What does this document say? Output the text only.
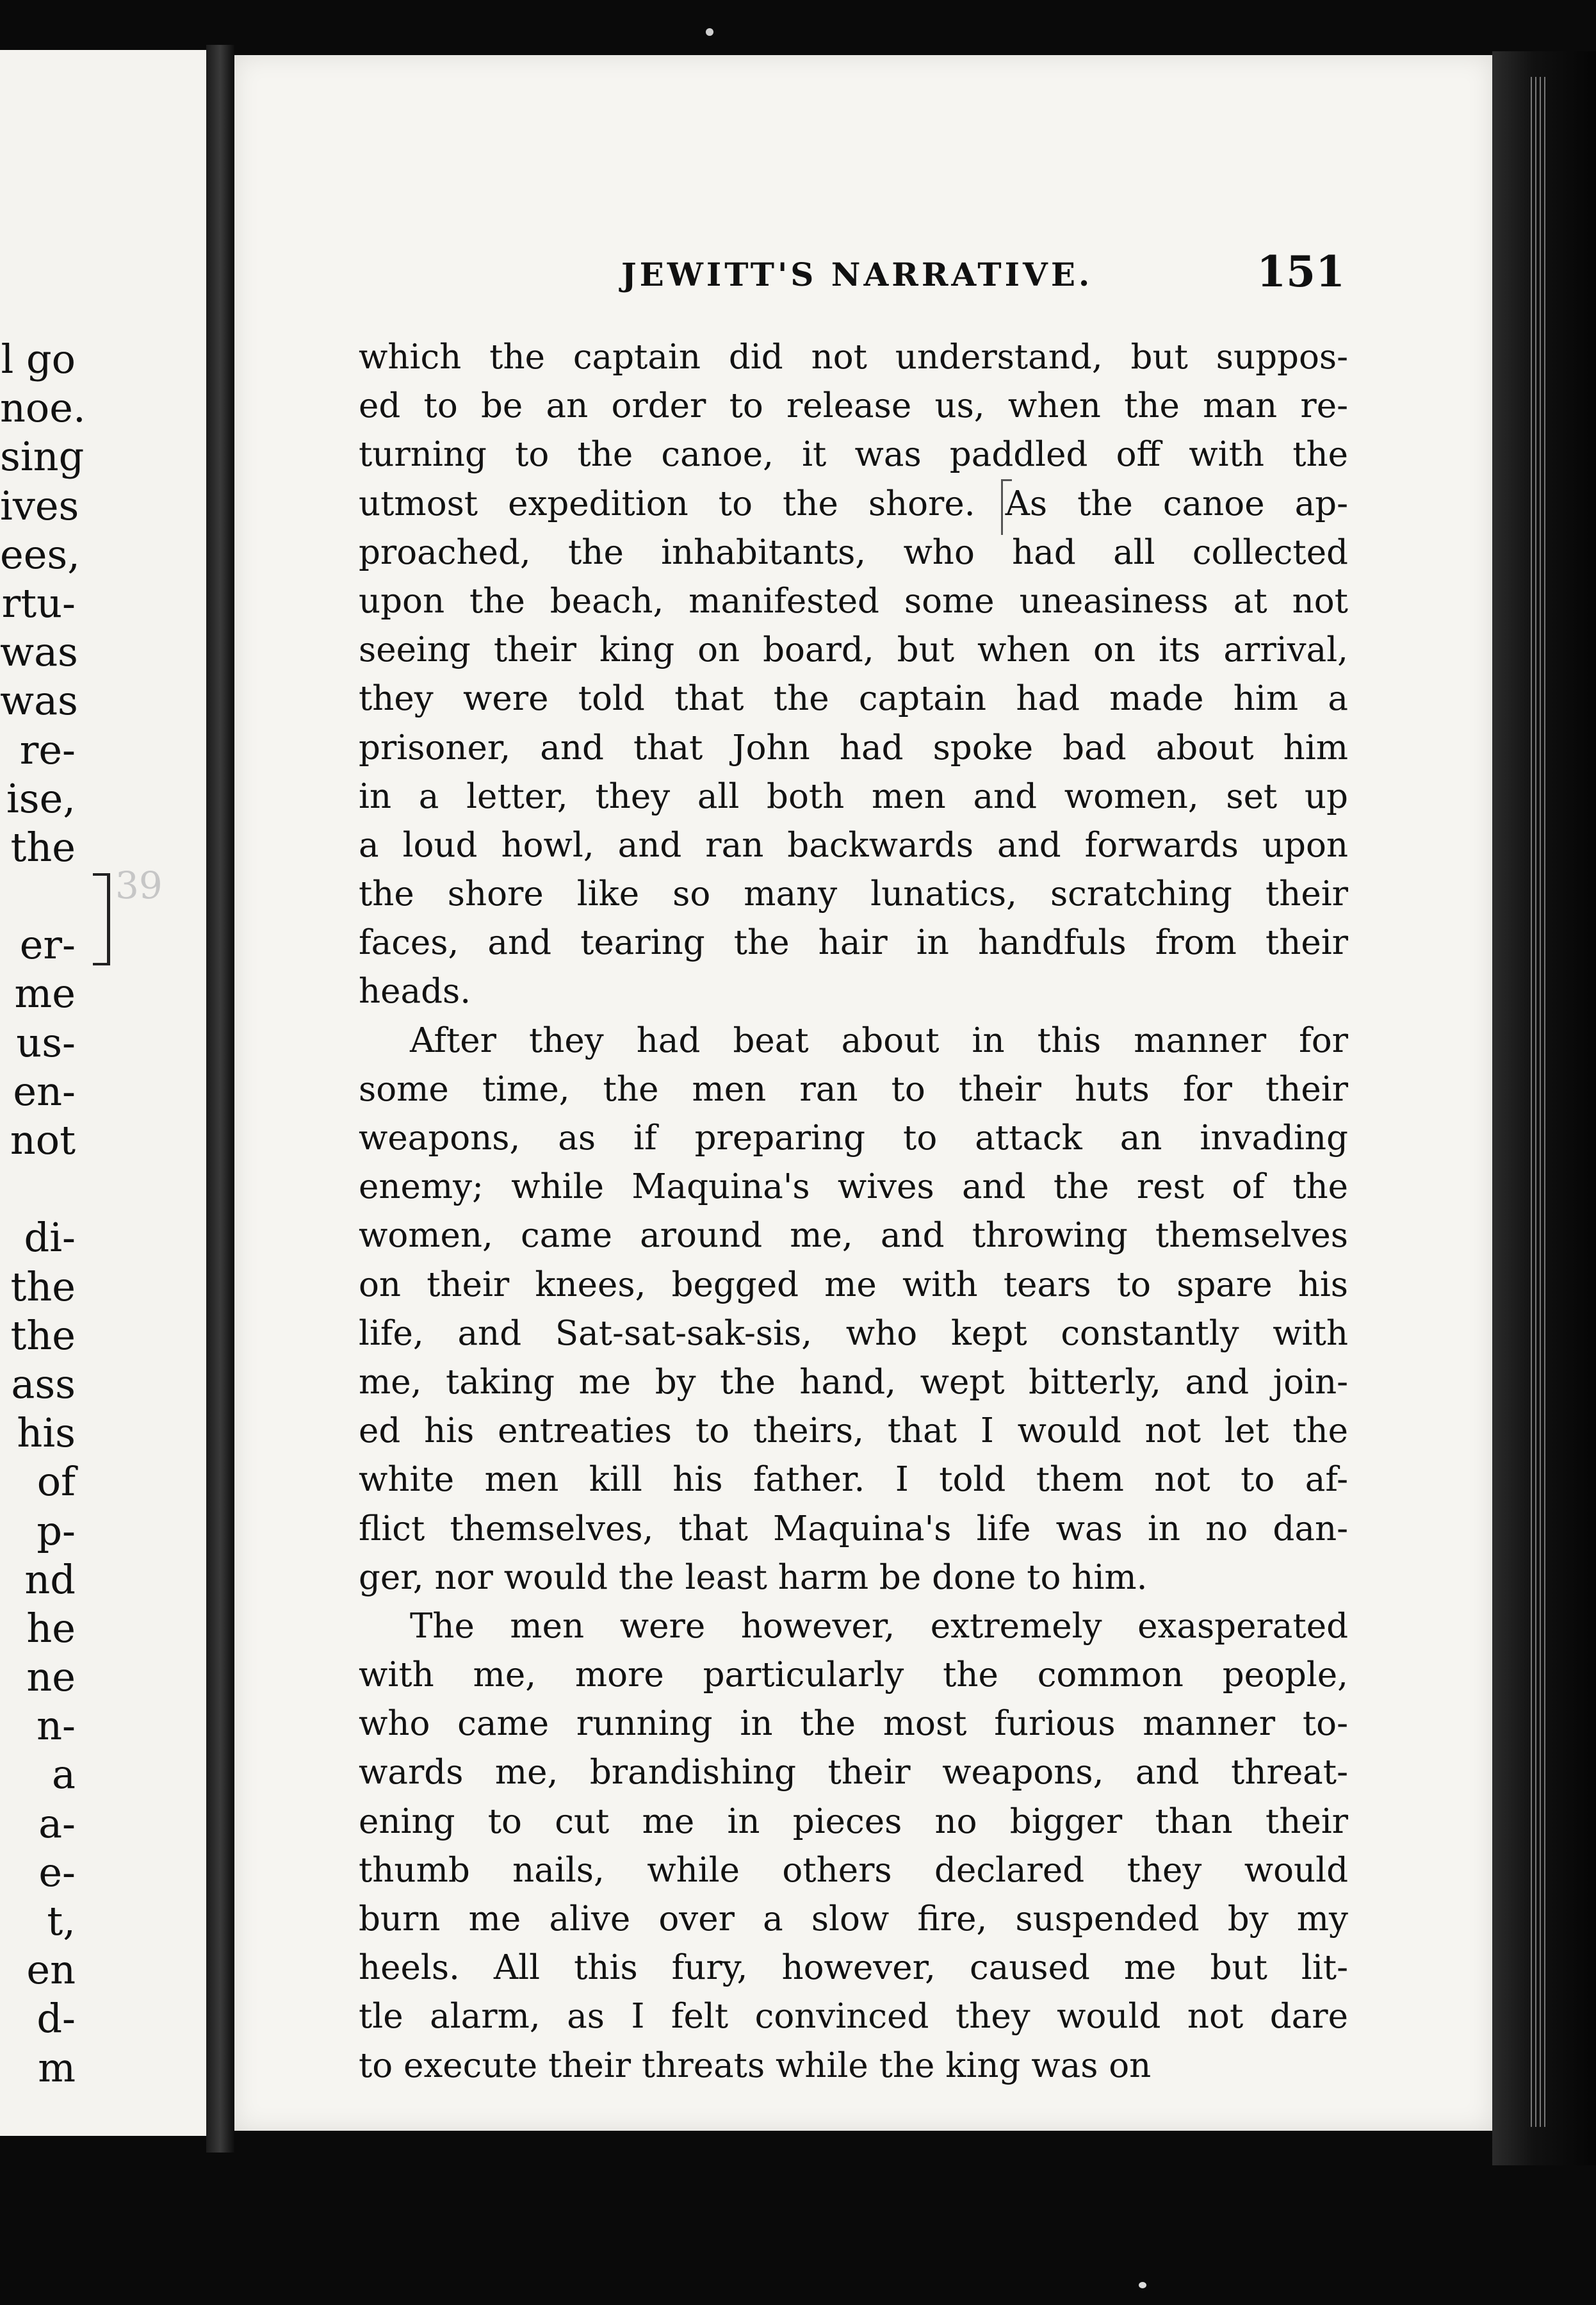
l go
noe.
sing
ives
ees,
rtu-
was
was
re-
ise,
the
er-
me
us-
en-
not
di-
the
the
ass
his
of
p-
nd
he
ne
n-
a
a-
e-
t,
en
d-
m
39
JEWITT'S NARRATIVE.	151
which the captain did not understand, but suppos-
ed to be an order to release us, when the man re-
turning to the canoe, it was paddled off with the
utmost expedition to the shore. As the canoe ap-
proached, the inhabitants, who had all collected
upon the beach, manifested some uneasiness at not
seeing their king on board, but when on its arrival,
they were told that the captain had made him a
prisoner, and that John had spoke bad about him
in a letter, they all both men and women, set up
a loud howl, and ran backwards and forwards upon
the shore like so many lunatics, scratching their
faces, and tearing the hair in handfuls from their
heads.
After they had beat about in this manner for
some time, the men ran to their huts for their
weapons, as if preparing to attack an invading
enemy; while Maquina's wives and the rest of the
women, came around me, and throwing themselves
on their knees, begged me with tears to spare his
life, and Sat-sat-sak-sis, who kept constantly with
me, taking me by the hand, wept bitterly, and join-
ed his entreaties to theirs, that I would not let the
white men kill his father. I told them not to af-
flict themselves, that Maquina's life was in no dan-
ger, nor would the least harm be done to him.
The men were however, extremely exasperated
with me, more particularly the common people,
who came running in the most furious manner to-
wards me, brandishing their weapons, and threat-
ening to cut me in pieces no bigger than their
thumb nails, while others declared they would
burn me alive over a slow fire, suspended by my
heels. All this fury, however, caused me but lit-
tle alarm, as I felt convinced they would not dare
to execute their threats while the king was on
